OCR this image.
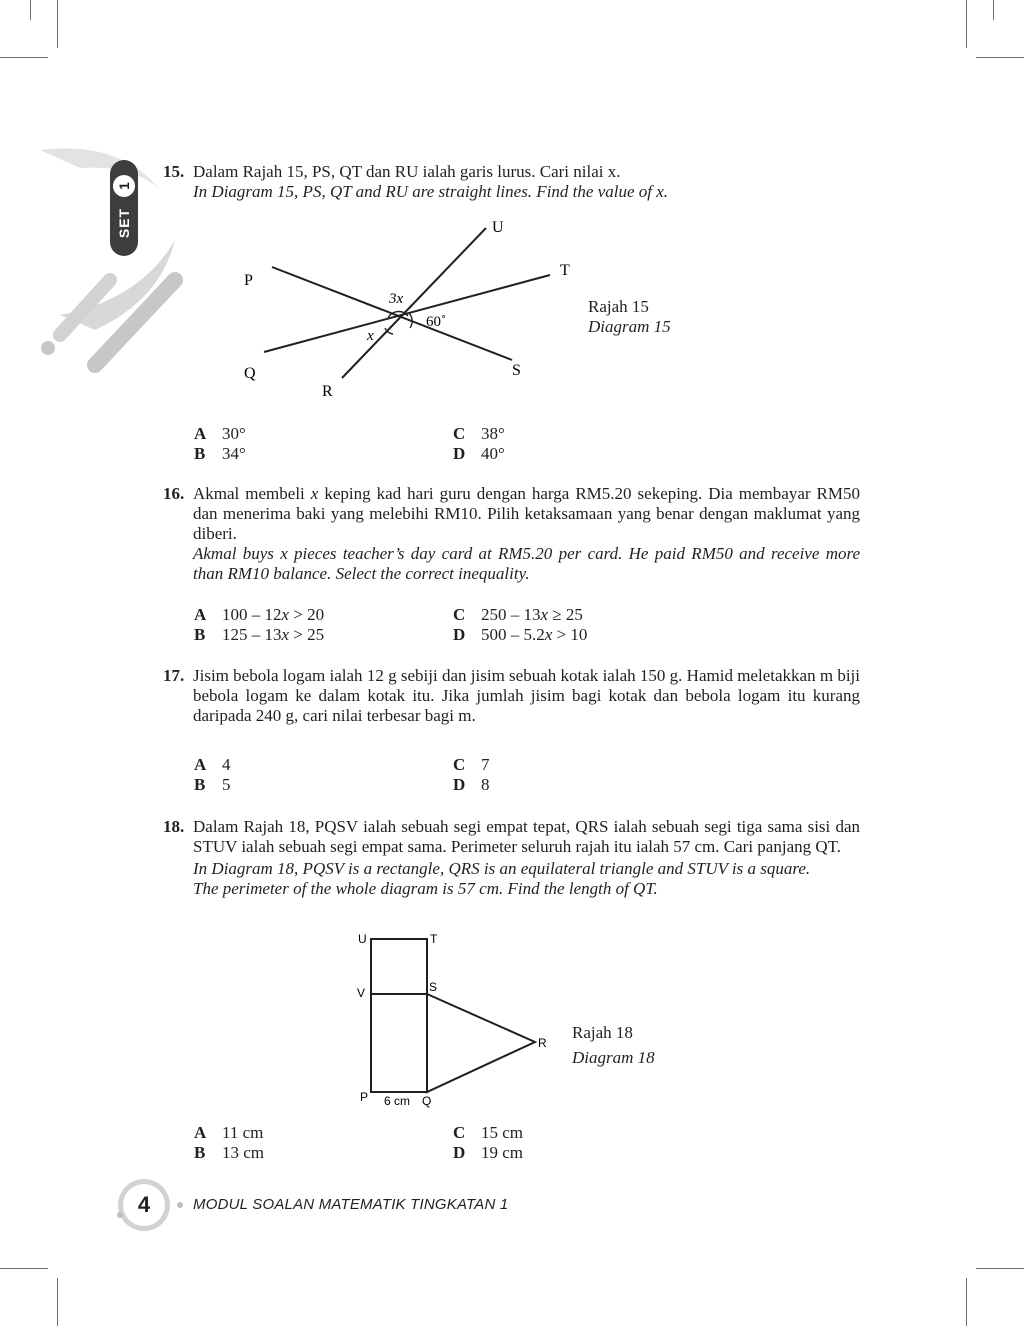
1
SET
15. Dalam Rajah 15, PS, QT dan RU ialah garis lurus. Cari nilai x.

In Diagram 15, PS, QT and RU are straight lines. Find the value of x.

U
T
P
Q
R
S
3x
60˚
x
Rajah 15
Diagram 15
A 30°
B 34°
C 38°
D 40°
16. Akmal membeli x keping kad hari guru dengan harga RM5.20 sekeping. Dia membayar RM50 dan menerima baki yang melebihi RM10. Pilih ketaksamaan yang benar dengan maklumat yang diberi.

Akmal buys x pieces teacher’s day card at RM5.20 per card. He paid RM50 and receive more than RM10 balance. Select the correct inequality.

A 100 – 12x > 20
B 125 – 13x > 25
C 250 – 13x ≥ 25
D 500 – 5.2x > 10
17. Jisim bebola logam ialah 12 g sebiji dan jisim sebuah kotak ialah 150 g. Hamid meletakkan m biji bebola logam ke dalam kotak itu. Jika jumlah jisim bagi kotak dan bebola logam itu kurang daripada 240 g, cari nilai terbesar bagi m.

A 4
B 5
C 7
D 8
18. Dalam Rajah 18, PQSV ialah sebuah segi empat tepat, QRS ialah sebuah segi tiga sama sisi dan STUV ialah sebuah segi empat sama. Perimeter seluruh rajah itu ialah 57 cm. Cari panjang QT.

In Diagram 18, PQSV is a rectangle, QRS is an equilateral triangle and STUV is a square. The perimeter of the whole diagram is 57 cm. Find the length of QT.

U	T
V	S
R
P	Q
6 cm
Rajah 18
Diagram 18
A 11 cm
B 13 cm
C 15 cm
D 19 cm
4	MODUL SOALAN MATEMATIK TINGKATAN 1
